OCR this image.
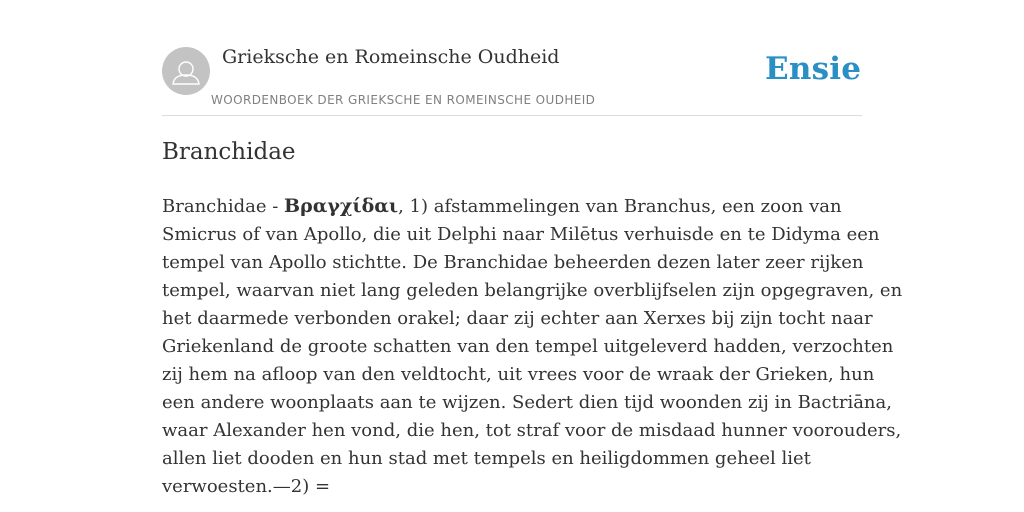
Grieksche en Romeinsche Oudheid
WOORDENBOEK DER GRIEKSCHE EN ROMEINSCHE OUDHEID
Ensie
Branchidae
Branchidae - Βραγχίδαι, 1) afstammelingen van Branchus, een zoon van
Smicrus of van Apollo, die uit Delphi naar Milētus verhuisde en te Didyma een
tempel van Apollo stichtte. De Branchidae beheerden dezen later zeer rijken
tempel, waarvan niet lang geleden belangrijke overblijfselen zijn opgegraven, en
het daarmede verbonden orakel; daar zij echter aan Xerxes bij zijn tocht naar
Griekenland de groote schatten van den tempel uitgeleverd hadden, verzochten
zij hem na afloop van den veldtocht, uit vrees voor de wraak der Grieken, hun
een andere woonplaats aan te wijzen. Sedert dien tijd woonden zij in Bactriāna,
waar Alexander hen vond, die hen, tot straf voor de misdaad hunner voorouders,
allen liet dooden en hun stad met tempels en heiligdommen geheel liet
verwoesten.—2) =
